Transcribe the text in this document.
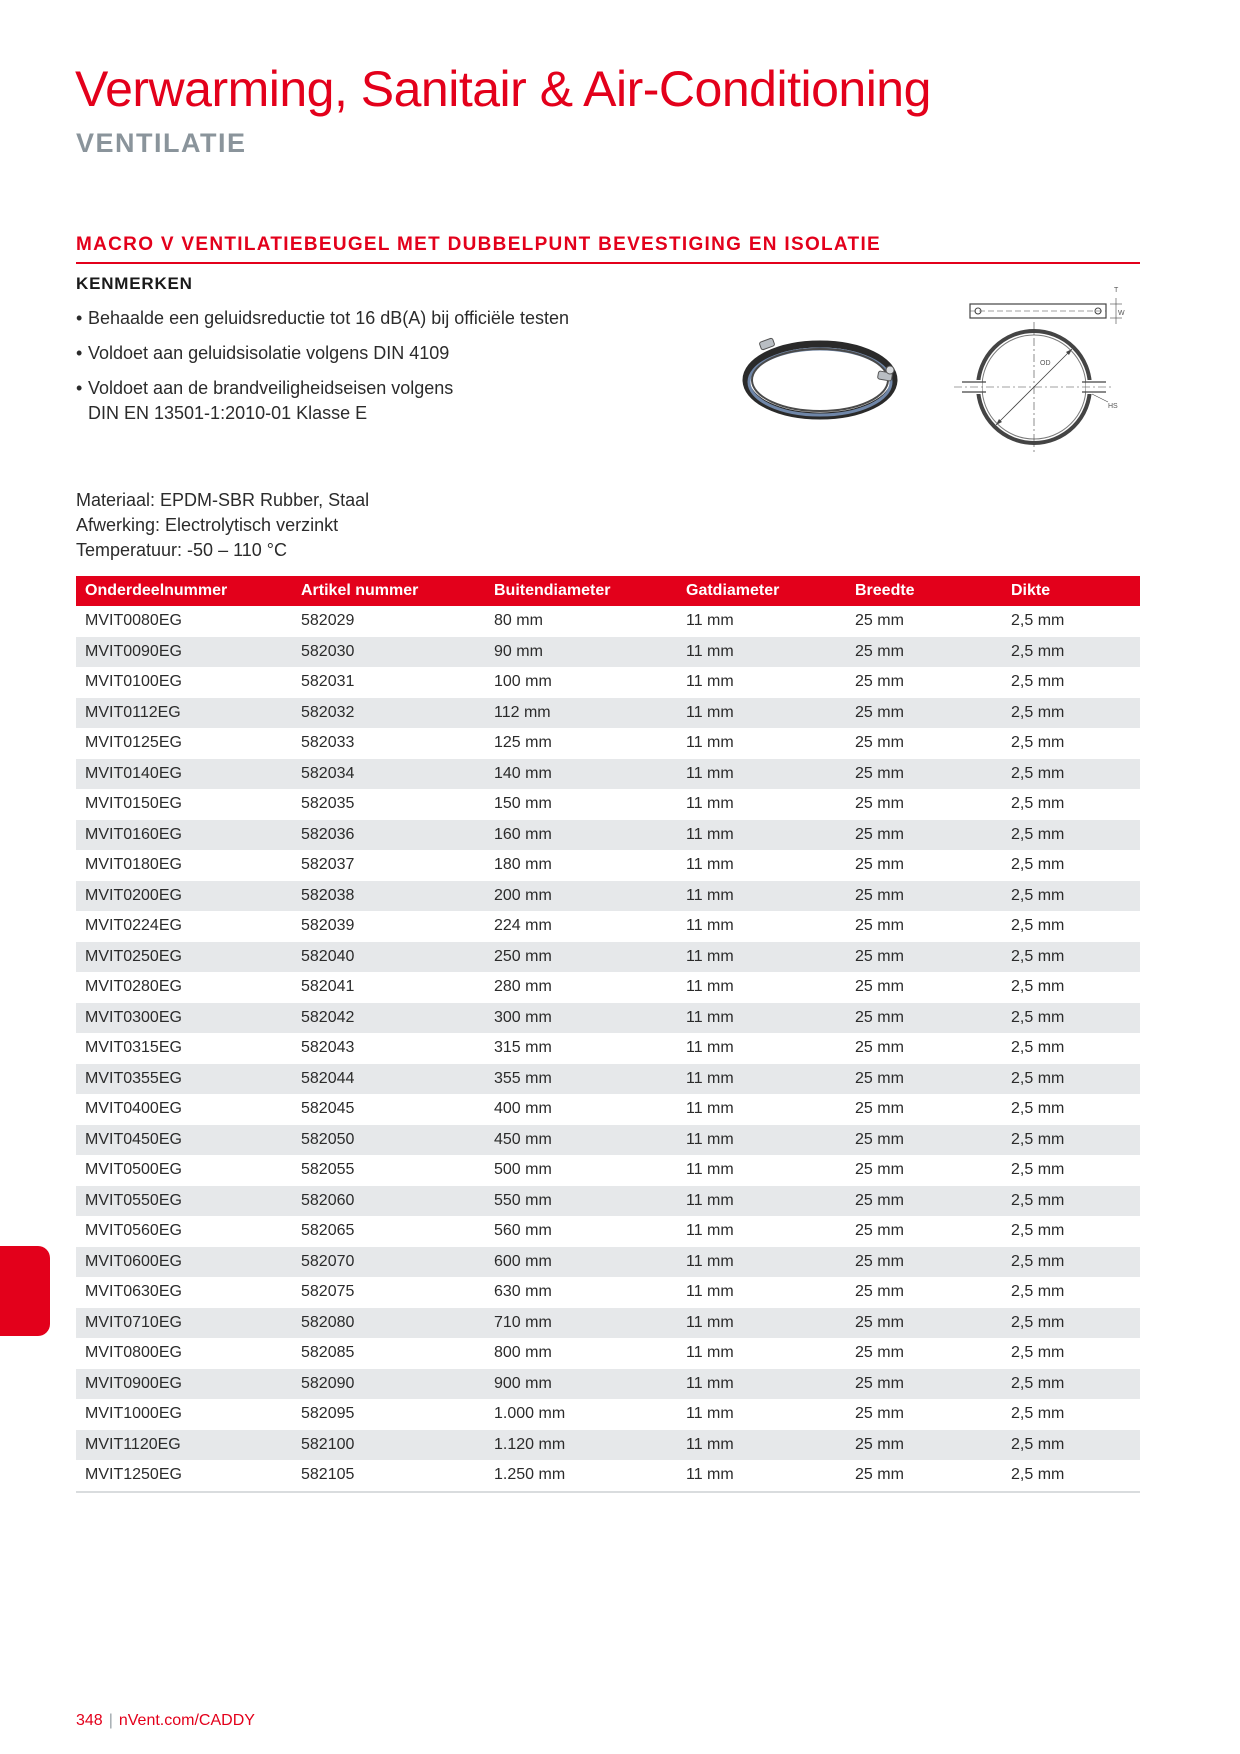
Verwarming, Sanitair & Air-Conditioning
VENTILATIE
MACRO V VENTILATIEBEUGEL MET DUBBELPUNT BEVESTIGING EN ISOLATIE
KENMERKEN
• Behaalde een geluidsreductie tot 16 dB(A) bij officiële testen
• Voldoet aan geluidsisolatie volgens DIN 4109
• Voldoet aan de brandveiligheidseisen volgens DIN EN 13501-1:2010-01 Klasse E
Materiaal: EPDM-SBR Rubber, Staal
Afwerking: Electrolytisch verzinkt
Temperatuur: -50 – 110 °C
T
W
OD
HS
Onderdeelnummer	Artikel nummer	Buitendiameter	Gatdiameter	Breedte	Dikte
MVIT0080EG	582029	80 mm	11 mm	25 mm	2,5 mm
MVIT0090EG	582030	90 mm	11 mm	25 mm	2,5 mm
MVIT0100EG	582031	100 mm	11 mm	25 mm	2,5 mm
MVIT0112EG	582032	112 mm	11 mm	25 mm	2,5 mm
MVIT0125EG	582033	125 mm	11 mm	25 mm	2,5 mm
MVIT0140EG	582034	140 mm	11 mm	25 mm	2,5 mm
MVIT0150EG	582035	150 mm	11 mm	25 mm	2,5 mm
MVIT0160EG	582036	160 mm	11 mm	25 mm	2,5 mm
MVIT0180EG	582037	180 mm	11 mm	25 mm	2,5 mm
MVIT0200EG	582038	200 mm	11 mm	25 mm	2,5 mm
MVIT0224EG	582039	224 mm	11 mm	25 mm	2,5 mm
MVIT0250EG	582040	250 mm	11 mm	25 mm	2,5 mm
MVIT0280EG	582041	280 mm	11 mm	25 mm	2,5 mm
MVIT0300EG	582042	300 mm	11 mm	25 mm	2,5 mm
MVIT0315EG	582043	315 mm	11 mm	25 mm	2,5 mm
MVIT0355EG	582044	355 mm	11 mm	25 mm	2,5 mm
MVIT0400EG	582045	400 mm	11 mm	25 mm	2,5 mm
MVIT0450EG	582050	450 mm	11 mm	25 mm	2,5 mm
MVIT0500EG	582055	500 mm	11 mm	25 mm	2,5 mm
MVIT0550EG	582060	550 mm	11 mm	25 mm	2,5 mm
MVIT0560EG	582065	560 mm	11 mm	25 mm	2,5 mm
MVIT0600EG	582070	600 mm	11 mm	25 mm	2,5 mm
MVIT0630EG	582075	630 mm	11 mm	25 mm	2,5 mm
MVIT0710EG	582080	710 mm	11 mm	25 mm	2,5 mm
MVIT0800EG	582085	800 mm	11 mm	25 mm	2,5 mm
MVIT0900EG	582090	900 mm	11 mm	25 mm	2,5 mm
MVIT1000EG	582095	1.000 mm	11 mm	25 mm	2,5 mm
MVIT1120EG	582100	1.120 mm	11 mm	25 mm	2,5 mm
MVIT1250EG	582105	1.250 mm	11 mm	25 mm	2,5 mm
348 | nVent.com/CADDY
